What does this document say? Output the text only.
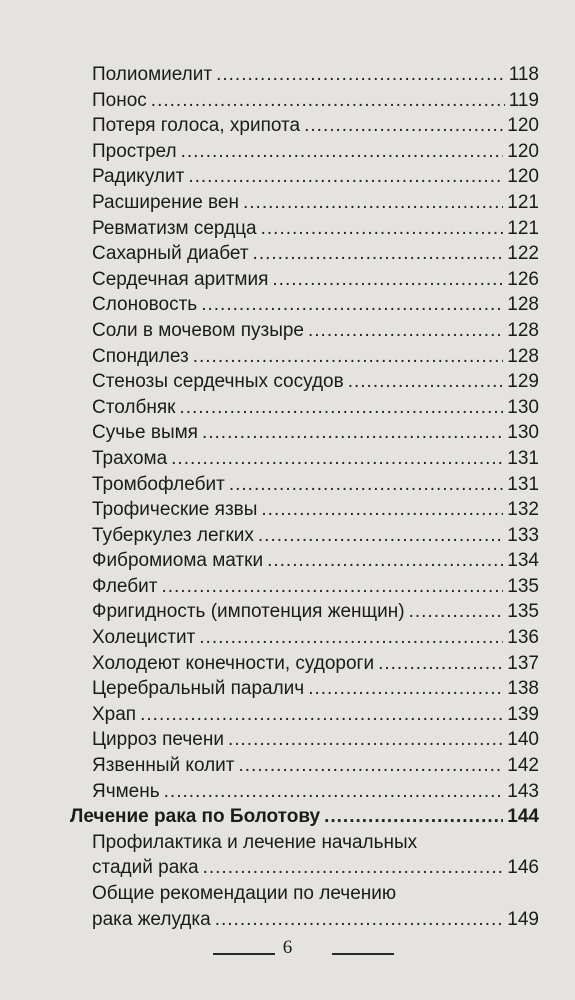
Полиомиелит .....	118
Понос .....	119
Потеря голоса, хрипота .....	120
Прострел .....	120
Радикулит .....	120
Расширение вен .....	121
Ревматизм сердца .....	121
Сахарный диабет .....	122
Сердечная аритмия .....	126
Слоновость .....	128
Соли в мочевом пузыре .....	128
Спондилез .....	128
Стенозы сердечных сосудов .....	129
Столбняк .....	130
Сучье вымя .....	130
Трахома .....	131
Тромбофлебит .....	131
Трофические язвы .....	132
Туберкулез легких .....	133
Фибромиома матки .....	134
Флебит .....	135
Фригидность (импотенция женщин) .....	135
Холецистит .....	136
Холодеют конечности, судороги .....	137
Церебральный паралич .....	138
Храп .....	139
Цирроз печени .....	140
Язвенный колит .....	142
Ячмень .....	143
Лечение рака по Болотову .....	144
Профилактика и лечение начальных
стадий рака .....	146
Общие рекомендации по лечению
рака желудка .....	149
6
